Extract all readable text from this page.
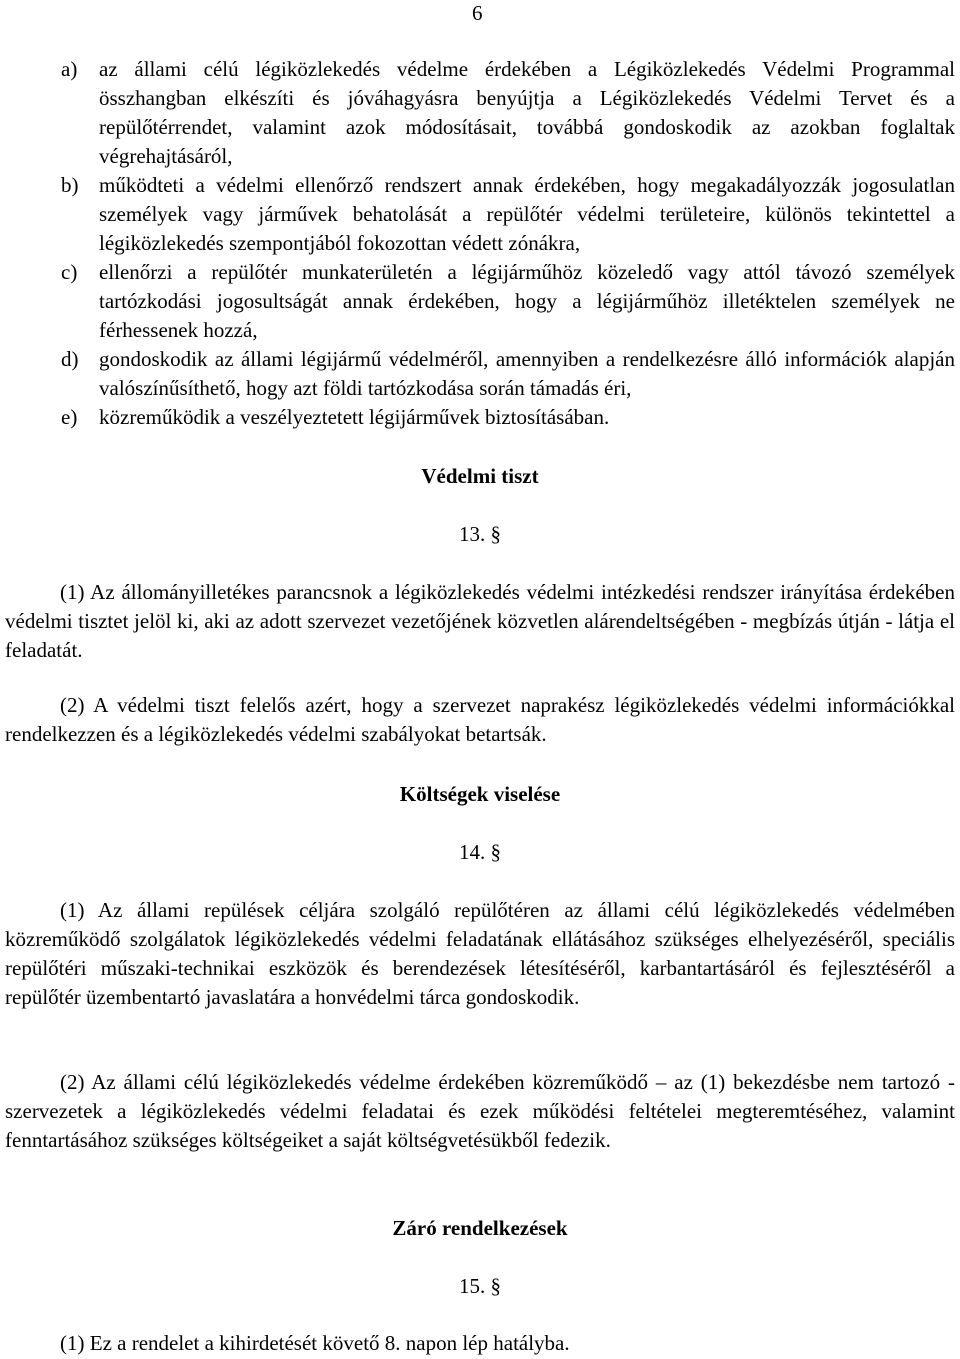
6
a)	az állami célú légiközlekedés védelme érdekében a Légiközlekedés Védelmi Programmal összhangban elkészíti és jóváhagyásra benyújtja a Légiközlekedés Védelmi Tervet és a repülőtérrendet, valamint azok módosításait, továbbá gondoskodik az azokban foglaltak végrehajtásáról,
b) működteti a védelmi ellenőrző rendszert annak érdekében, hogy megakadályozzák jogosulatlan személyek vagy járművek behatolását a repülőtér védelmi területeire, különös tekintettel a légiközlekedés szempontjából fokozottan védett zónákra,
c)	ellenőrzi a repülőtér munkaterületén a légijárműhöz közeledő vagy attól távozó személyek tartózkodási jogosultságát annak érdekében, hogy a légijárműhöz illetéktelen személyek ne férhessenek hozzá,
d) gondoskodik az állami légijármű védelméről, amennyiben a rendelkezésre álló információk alapján valószínűsíthető, hogy azt földi tartózkodása során támadás éri,
e)	közreműködik a veszélyeztetett légijárművek biztosításában.
Védelmi tiszt
13. §
(1) Az állományilletékes parancsnok a légiközlekedés védelmi intézkedési rendszer irányítása érdekében védelmi tisztet jelöl ki, aki az adott szervezet vezetőjének közvetlen alárendeltségében - megbízás útján - látja el feladatát.
(2) A védelmi tiszt felelős azért, hogy a szervezet naprakész légiközlekedés védelmi információkkal rendelkezzen és a légiközlekedés védelmi szabályokat betartsák.
Költségek viselése
14. §
(1) Az állami repülések céljára szolgáló repülőtéren az állami célú légiközlekedés védelmében közreműködő szolgálatok légiközlekedés védelmi feladatának ellátásához szükséges elhelyezéséről, speciális repülőtéri műszaki-technikai eszközök és berendezések létesítéséről, karbantartásáról és fejlesztéséről a repülőtér üzembentartó javaslatára a honvédelmi tárca gondoskodik.
(2) Az állami célú légiközlekedés védelme érdekében közreműködő – az (1) bekezdésbe nem tartozó - szervezetek a légiközlekedés védelmi feladatai és ezek működési feltételei megteremtéséhez, valamint fenntartásához szükséges költségeiket a saját költségvetésükből fedezik.
Záró rendelkezések
15. §
(1) Ez a rendelet a kihirdetését követő 8. napon lép hatályba.
